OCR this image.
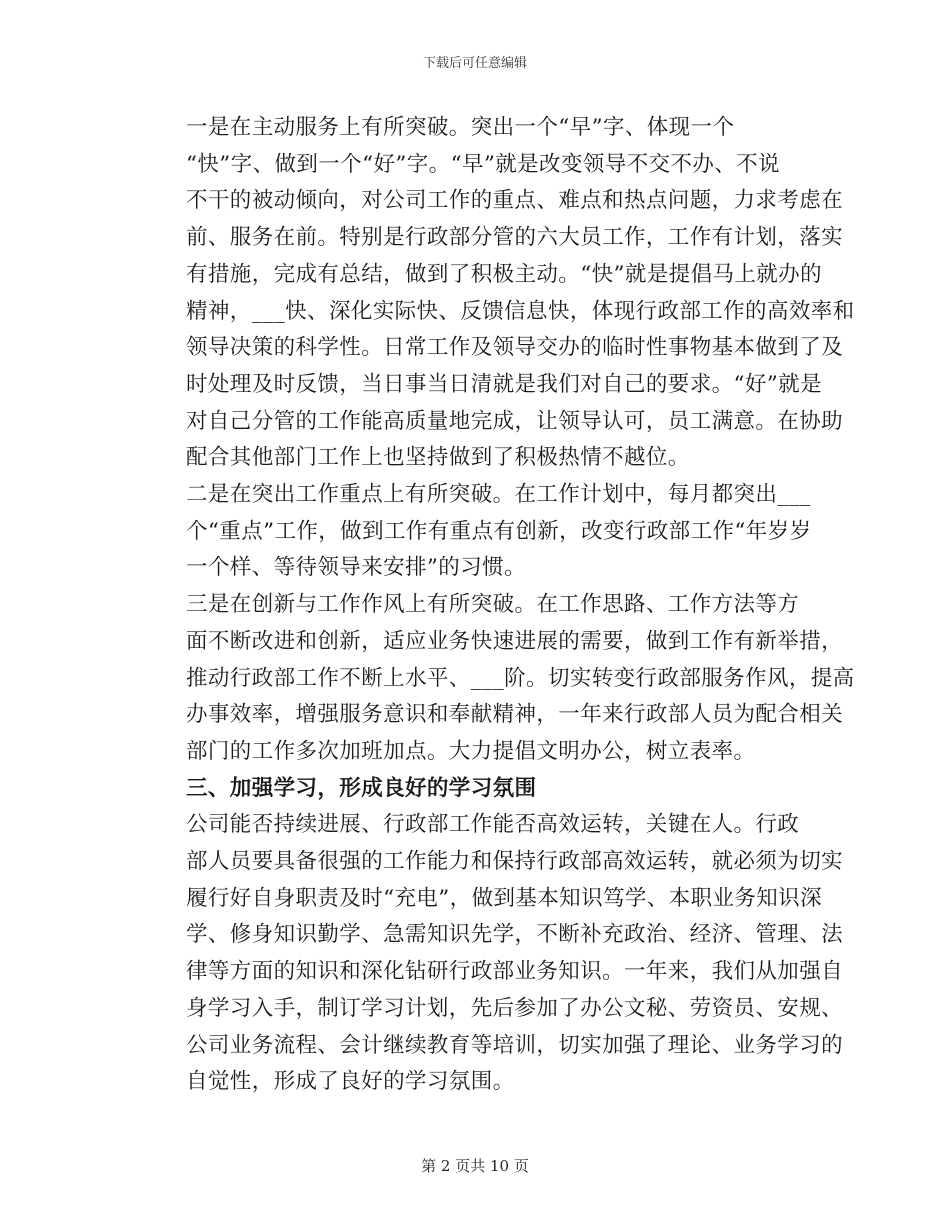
下载后可任意编辑

一是在主动服务上有所突破。突出一个“早”字、体现一个
“快”字、做到一个“好”字。“早”就是改变领导不交不办、不说
不干的被动倾向，对公司工作的重点、难点和热点问题，力求考虑在
前、服务在前。特别是行政部分管的六大员工作，工作有计划，落实
有措施，完成有总结，做到了积极主动。“快”就是提倡马上就办的
精神，___快、深化实际快、反馈信息快，体现行政部工作的高效率和
领导决策的科学性。日常工作及领导交办的临时性事物基本做到了及
时处理及时反馈，当日事当日清就是我们对自己的要求。“好”就是
对自己分管的工作能高质量地完成，让领导认可，员工满意。在协助
配合其他部门工作上也坚持做到了积极热情不越位。

二是在突出工作重点上有所突破。在工作计划中，每月都突出___
个“重点”工作，做到工作有重点有创新，改变行政部工作“年岁岁
一个样、等待领导来安排”的习惯。

三是在创新与工作作风上有所突破。在工作思路、工作方法等方
面不断改进和创新，适应业务快速进展的需要，做到工作有新举措，
推动行政部工作不断上水平、___阶。切实转变行政部服务作风，提高
办事效率，增强服务意识和奉献精神，一年来行政部人员为配合相关
部门的工作多次加班加点。大力提倡文明办公，树立表率。

三、加强学习，形成良好的学习氛围

公司能否持续进展、行政部工作能否高效运转，关键在人。行政
部人员要具备很强的工作能力和保持行政部高效运转，就必须为切实
履行好自身职责及时“充电”，做到基本知识笃学、本职业务知识深
学、修身知识勤学、急需知识先学，不断补充政治、经济、管理、法
律等方面的知识和深化钻研行政部业务知识。一年来，我们从加强自
身学习入手，制订学习计划，先后参加了办公文秘、劳资员、安规、
公司业务流程、会计继续教育等培训，切实加强了理论、业务学习的
自觉性，形成了良好的学习氛围。

第 2 页共 10 页
